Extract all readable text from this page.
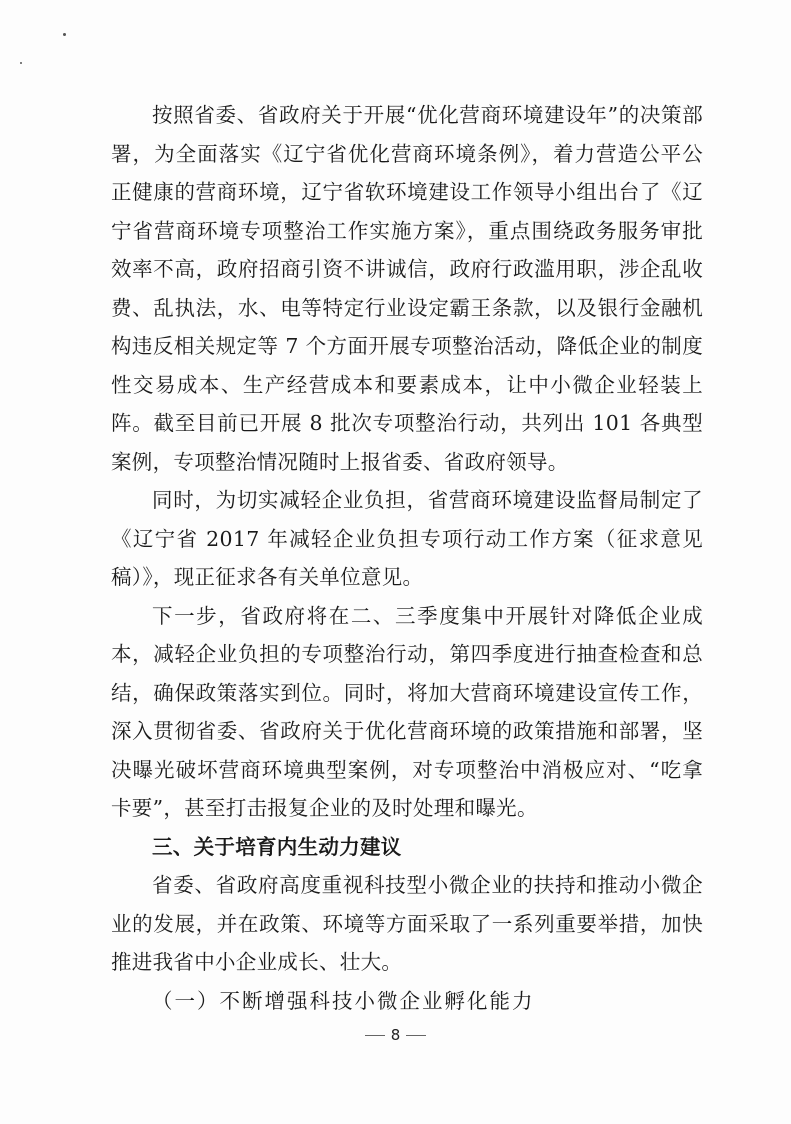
按照省委、省政府关于开展“优化营商环境建设年”的决策部署，为全面落实《辽宁省优化营商环境条例》，着力营造公平公正健康的营商环境，辽宁省软环境建设工作领导小组出台了《辽宁省营商环境专项整治工作实施方案》，重点围绕政务服务审批效率不高，政府招商引资不讲诚信，政府行政滥用职，涉企乱收费、乱执法，水、电等特定行业设定霸王条款，以及银行金融机构违反相关规定等 7 个方面开展专项整治活动，降低企业的制度性交易成本、生产经营成本和要素成本，让中小微企业轻装上阵。截至目前已开展 8 批次专项整治行动，共列出 101 各典型案例，专项整治情况随时上报省委、省政府领导。

同时，为切实减轻企业负担，省营商环境建设监督局制定了《辽宁省 2017 年减轻企业负担专项行动工作方案（征求意见稿）》，现正征求各有关单位意见。

下一步，省政府将在二、三季度集中开展针对降低企业成本，减轻企业负担的专项整治行动，第四季度进行抽查检查和总结，确保政策落实到位。同时，将加大营商环境建设宣传工作，深入贯彻省委、省政府关于优化营商环境的政策措施和部署，坚决曝光破坏营商环境典型案例，对专项整治中消极应对、“吃拿卡要”，甚至打击报复企业的及时处理和曝光。

三、关于培育内生动力建议

省委、省政府高度重视科技型小微企业的扶持和推动小微企业的发展，并在政策、环境等方面采取了一系列重要举措，加快推进我省中小企业成长、壮大。

（一）不断增强科技小微企业孵化能力

8
